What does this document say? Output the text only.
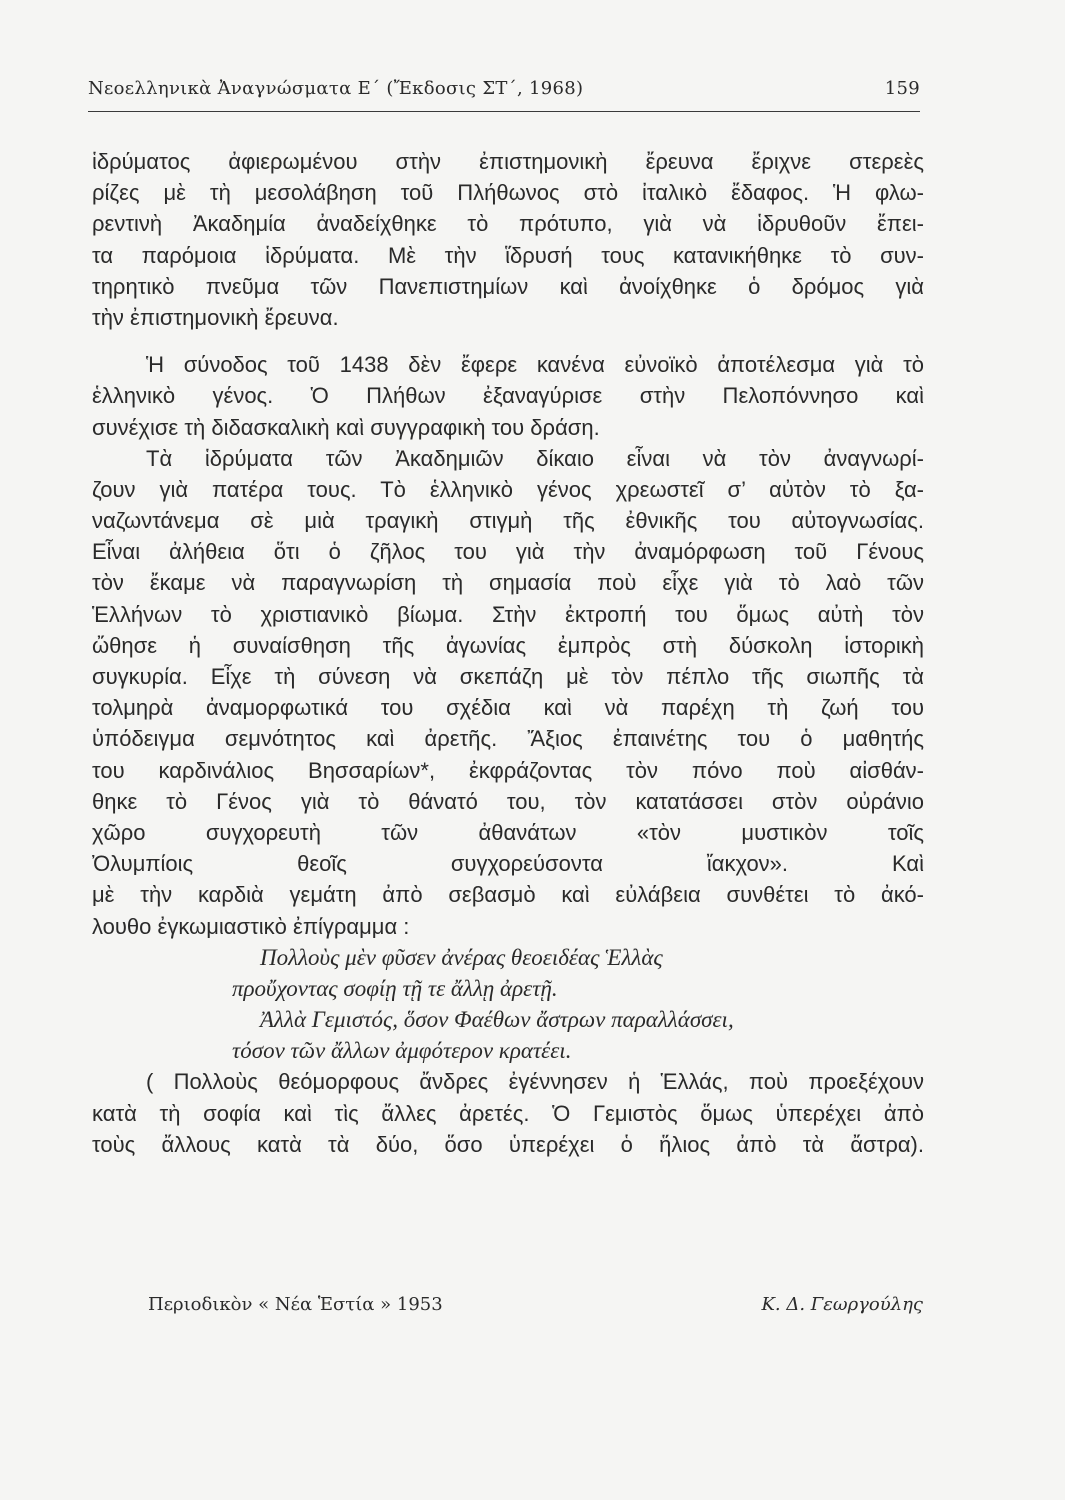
Νεοελληνικὰ Ἀναγνώσματα Ε΄ (Ἔκδοσις ΣΤ΄, 1968)	159
ἱδρύματος ἀφιερωμένου στὴν ἐπιστημονικὴ ἔρευνα ἔριχνε στερεὲς
ρίζες μὲ τὴ μεσολάβηση τοῦ Πλήθωνος στὸ ἰταλικὸ ἔδαφος. Ἡ φλω-
ρεντινὴ Ἀκαδημία ἀναδείχθηκε τὸ πρότυπο, γιὰ νὰ ἱδρυθοῦν ἔπει-
τα παρόμοια ἱδρύματα. Μὲ τὴν ἵδρυσή τους κατανικήθηκε τὸ συν-
τηρητικὸ πνεῦμα τῶν Πανεπιστημίων καὶ ἀνοίχθηκε ὁ δρόμος γιὰ
τὴν ἐπιστημονικὴ ἔρευνα.
Ἡ σύνοδος τοῦ 1438 δὲν ἔφερε κανένα εὐνοϊκὸ ἀποτέλεσμα γιὰ τὸ
ἑλληνικὸ γένος. Ὁ Πλήθων ἐξαναγύρισε στὴν Πελοπόννησο καὶ
συνέχισε τὴ διδασκαλικὴ καὶ συγγραφικὴ του δράση.
Τὰ ἱδρύματα τῶν Ἀκαδημιῶν δίκαιο εἶναι νὰ τὸν ἀναγνωρί-
ζουν γιὰ πατέρα τους. Τὸ ἑλληνικὸ γένος χρεωστεῖ σ’ αὐτὸν τὸ ξα-
ναζωντάνεμα σὲ μιὰ τραγικὴ στιγμὴ τῆς ἐθνικῆς του αὐτογνωσίας.
Εἶναι ἀλήθεια ὅτι ὁ ζῆλος του γιὰ τὴν ἀναμόρφωση τοῦ Γένους
τὸν ἔκαμε νὰ παραγνωρίση τὴ σημασία ποὺ εἶχε γιὰ τὸ λαὸ τῶν
Ἑλλήνων τὸ χριστιανικὸ βίωμα. Στὴν ἐκτροπή του ὅμως αὐτὴ τὸν
ὤθησε ἡ συναίσθηση τῆς ἀγωνίας ἐμπρὸς στὴ δύσκολη ἱστορικὴ
συγκυρία. Εἶχε τὴ σύνεση νὰ σκεπάζη μὲ τὸν πέπλο τῆς σιωπῆς τὰ
τολμηρὰ ἀναμορφωτικά του σχέδια καὶ νὰ παρέχη τὴ ζωή του
ὑπόδειγμα σεμνότητος καὶ ἀρετῆς. Ἄξιος ἐπαινέτης του ὁ μαθητής
του καρδινάλιος Βησσαρίων*, ἐκφράζοντας τὸν πόνο ποὺ αἰσθάν-
θηκε τὸ Γένος γιὰ τὸ θάνατό του, τὸν κατατάσσει στὸν οὐράνιο
χῶρο συγχορευτὴ τῶν ἀθανάτων «τὸν μυστικὸν τοῖς
Ὀλυμπίοις θεοῖς συγχορεύσοντα ἴακχον». Καὶ
μὲ τὴν καρδιὰ γεμάτη ἀπὸ σεβασμὸ καὶ εὐλάβεια συνθέτει τὸ ἀκό-
λουθο ἐγκωμιαστικὸ ἐπίγραμμα :
Πολλοὺς μὲν φῦσεν ἀνέρας θεοειδέας Ἑλλὰς
προὔχοντας σοφίῃ τῇ τε ἄλλῃ ἀρετῇ.
Ἀλλὰ Γεμιστός, ὅσον Φαέθων ἄστρων παραλλάσσει,
τόσον τῶν ἄλλων ἀμφότερον κρατέει.
( Πολλοὺς θεόμορφους ἄνδρες ἐγέννησεν ἡ Ἑλλάς, ποὺ προεξέχουν
κατὰ τὴ σοφία καὶ τὶς ἄλλες ἀρετές. Ὁ Γεμιστὸς ὅμως ὑπερέχει ἀπὸ
τοὺς ἄλλους κατὰ τὰ δύο, ὅσο ὑπερέχει ὁ ἥλιος ἀπὸ τὰ ἄστρα).
Περιοδικὸν « Νέα Ἑστία » 1953	Κ. Δ. Γεωργούλης
